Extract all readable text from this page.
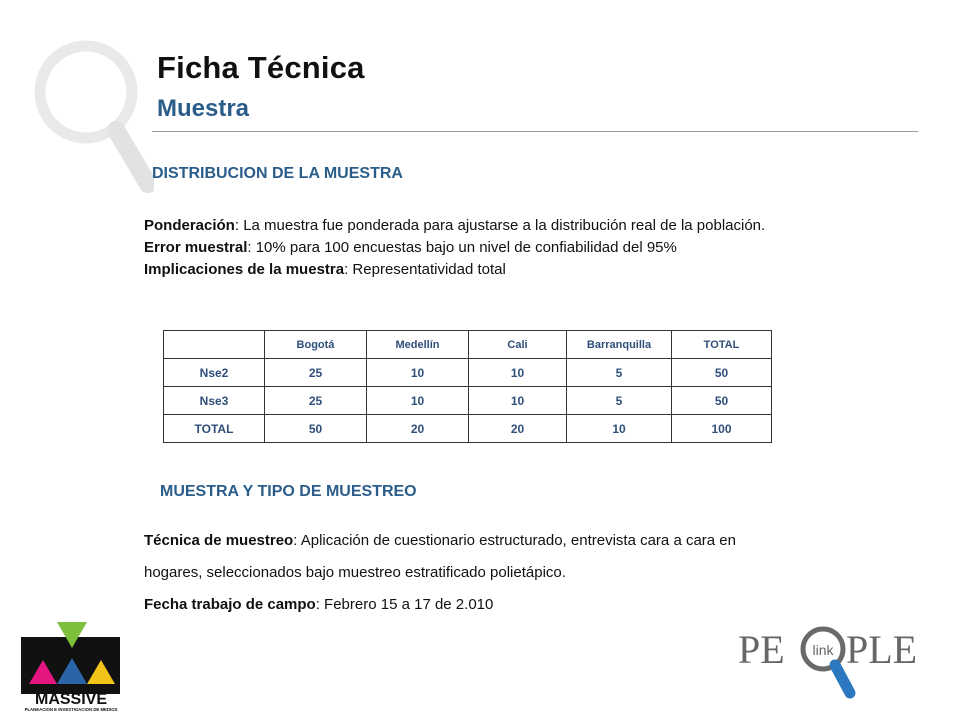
Ficha Técnica
Muestra
DISTRIBUCION DE LA MUESTRA
Ponderación: La muestra fue ponderada para ajustarse a la distribución real de la población.
Error muestral: 10% para 100 encuestas bajo un nivel de confiabilidad del 95%
Implicaciones de la muestra: Representatividad total
	Bogotá	Medellín	Cali	Barranquilla	TOTAL
Nse2	25	10	10	5	50
Nse3	25	10	10	5	50
TOTAL	50	20	20	10	100
MUESTRA Y TIPO DE MUESTREO
Técnica de muestreo: Aplicación de cuestionario estructurado, entrevista cara a cara en
hogares, seleccionados bajo muestreo estratificado polietápico.
Fecha trabajo de campo: Febrero 15 a 17 de 2.010
MASSIVE
PLANEACION E INVESTIGACION DE MEDIOS
PE link PLE
